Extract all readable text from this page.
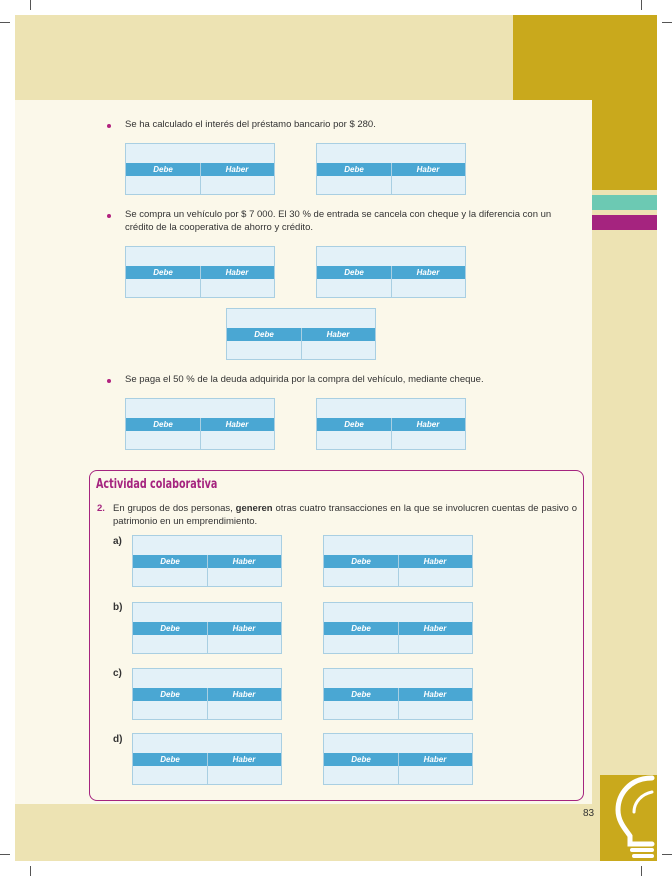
Se ha calculado el interés del préstamo bancario por $ 280.
Debe	Haber	Debe	Haber
Se compra un vehículo por $ 7 000. El 30 % de entrada se cancela con cheque y la diferencia con un crédito de la cooperativa de ahorro y crédito.
Debe	Haber	Debe	Haber
Debe	Haber
Se paga el 50 % de la deuda adquirida por la compra del vehículo, mediante cheque.
Debe	Haber	Debe	Haber
Actividad colaborativa
2. En grupos de dos personas, generen otras cuatro transacciones en la que se involucren cuentas de pasivo o patrimonio en un emprendimiento.
a)
Debe	Haber	Debe	Haber
b)
Debe	Haber	Debe	Haber
c)
Debe	Haber	Debe	Haber
d)
Debe	Haber	Debe	Haber
83
